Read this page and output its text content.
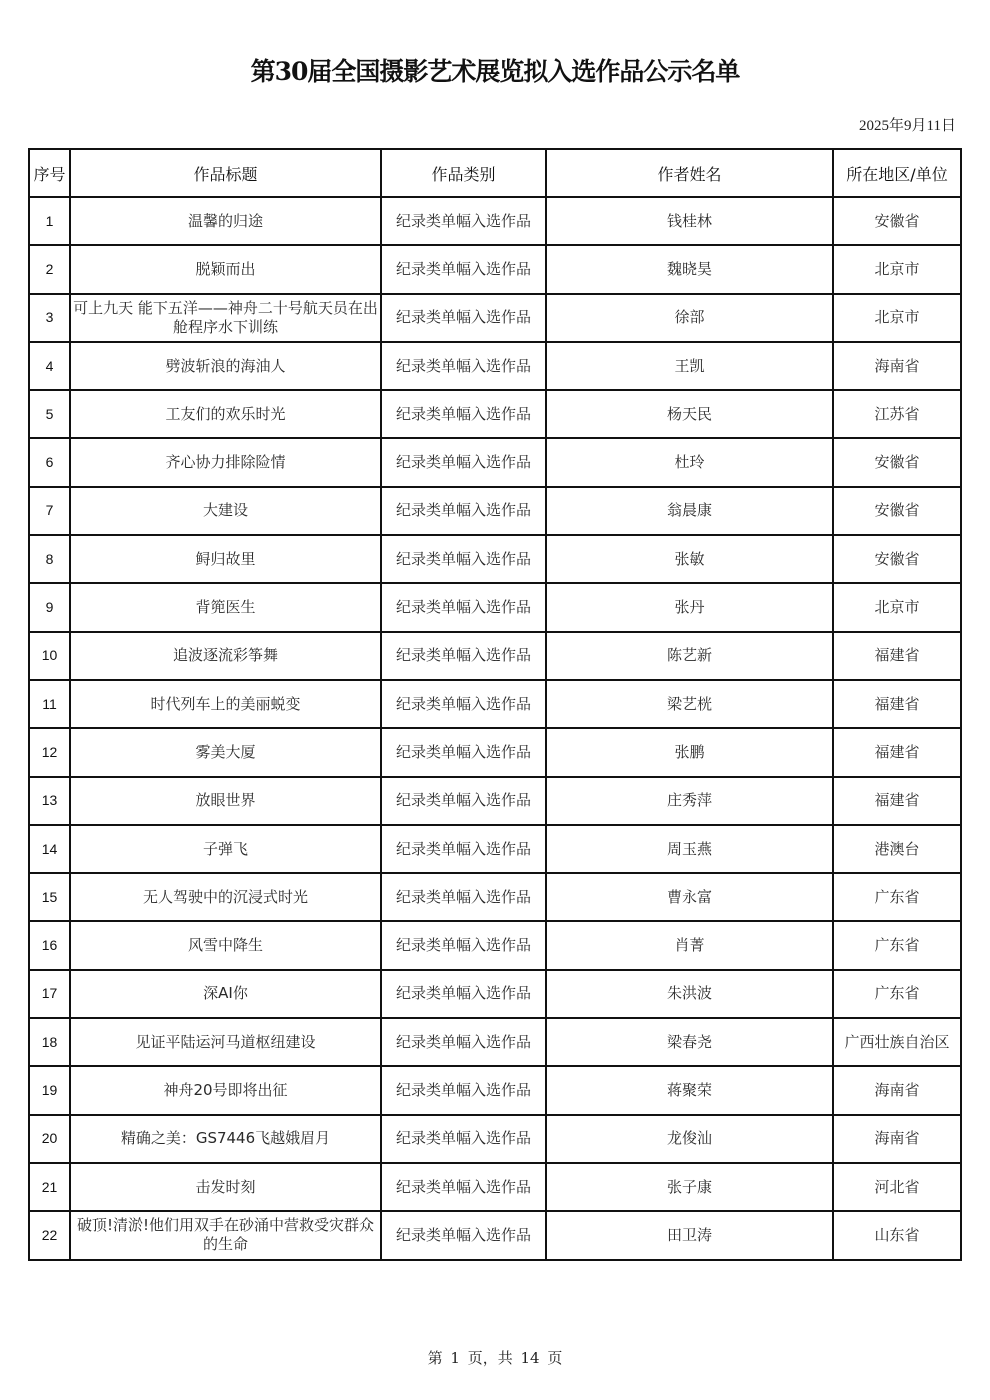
第30届全国摄影艺术展览拟入选作品公示名单
2025年9月11日
序号	作品标题	作品类别	作者姓名	所在地区/单位
1	温馨的归途	纪录类单幅入选作品	钱桂林	安徽省
2	脱颖而出	纪录类单幅入选作品	魏晓昊	北京市
3	可上九天 能下五洋——神舟二十号航天员在出舱程序水下训练	纪录类单幅入选作品	徐部	北京市
4	劈波斩浪的海油人	纪录类单幅入选作品	王凯	海南省
5	工友们的欢乐时光	纪录类单幅入选作品	杨天民	江苏省
6	齐心协力排除险情	纪录类单幅入选作品	杜玲	安徽省
7	大建设	纪录类单幅入选作品	翁晨康	安徽省
8	鲟归故里	纪录类单幅入选作品	张敏	安徽省
9	背篼医生	纪录类单幅入选作品	张丹	北京市
10	追波逐流彩筝舞	纪录类单幅入选作品	陈艺新	福建省
11	时代列车上的美丽蜕变	纪录类单幅入选作品	梁艺桄	福建省
12	雾美大厦	纪录类单幅入选作品	张鹏	福建省
13	放眼世界	纪录类单幅入选作品	庄秀萍	福建省
14	子弹飞	纪录类单幅入选作品	周玉燕	港澳台
15	无人驾驶中的沉浸式时光	纪录类单幅入选作品	曹永富	广东省
16	风雪中降生	纪录类单幅入选作品	肖菁	广东省
17	深AI你	纪录类单幅入选作品	朱洪波	广东省
18	见证平陆运河马道枢纽建设	纪录类单幅入选作品	梁春尧	广西壮族自治区
19	神舟20号即将出征	纪录类单幅入选作品	蒋聚荣	海南省
20	精确之美：GS7446飞越娥眉月	纪录类单幅入选作品	龙俊汕	海南省
21	击发时刻	纪录类单幅入选作品	张子康	河北省
22	破顶!清淤!他们用双手在砂涌中营救受灾群众的生命	纪录类单幅入选作品	田卫涛	山东省
第 1 页，共 14 页
